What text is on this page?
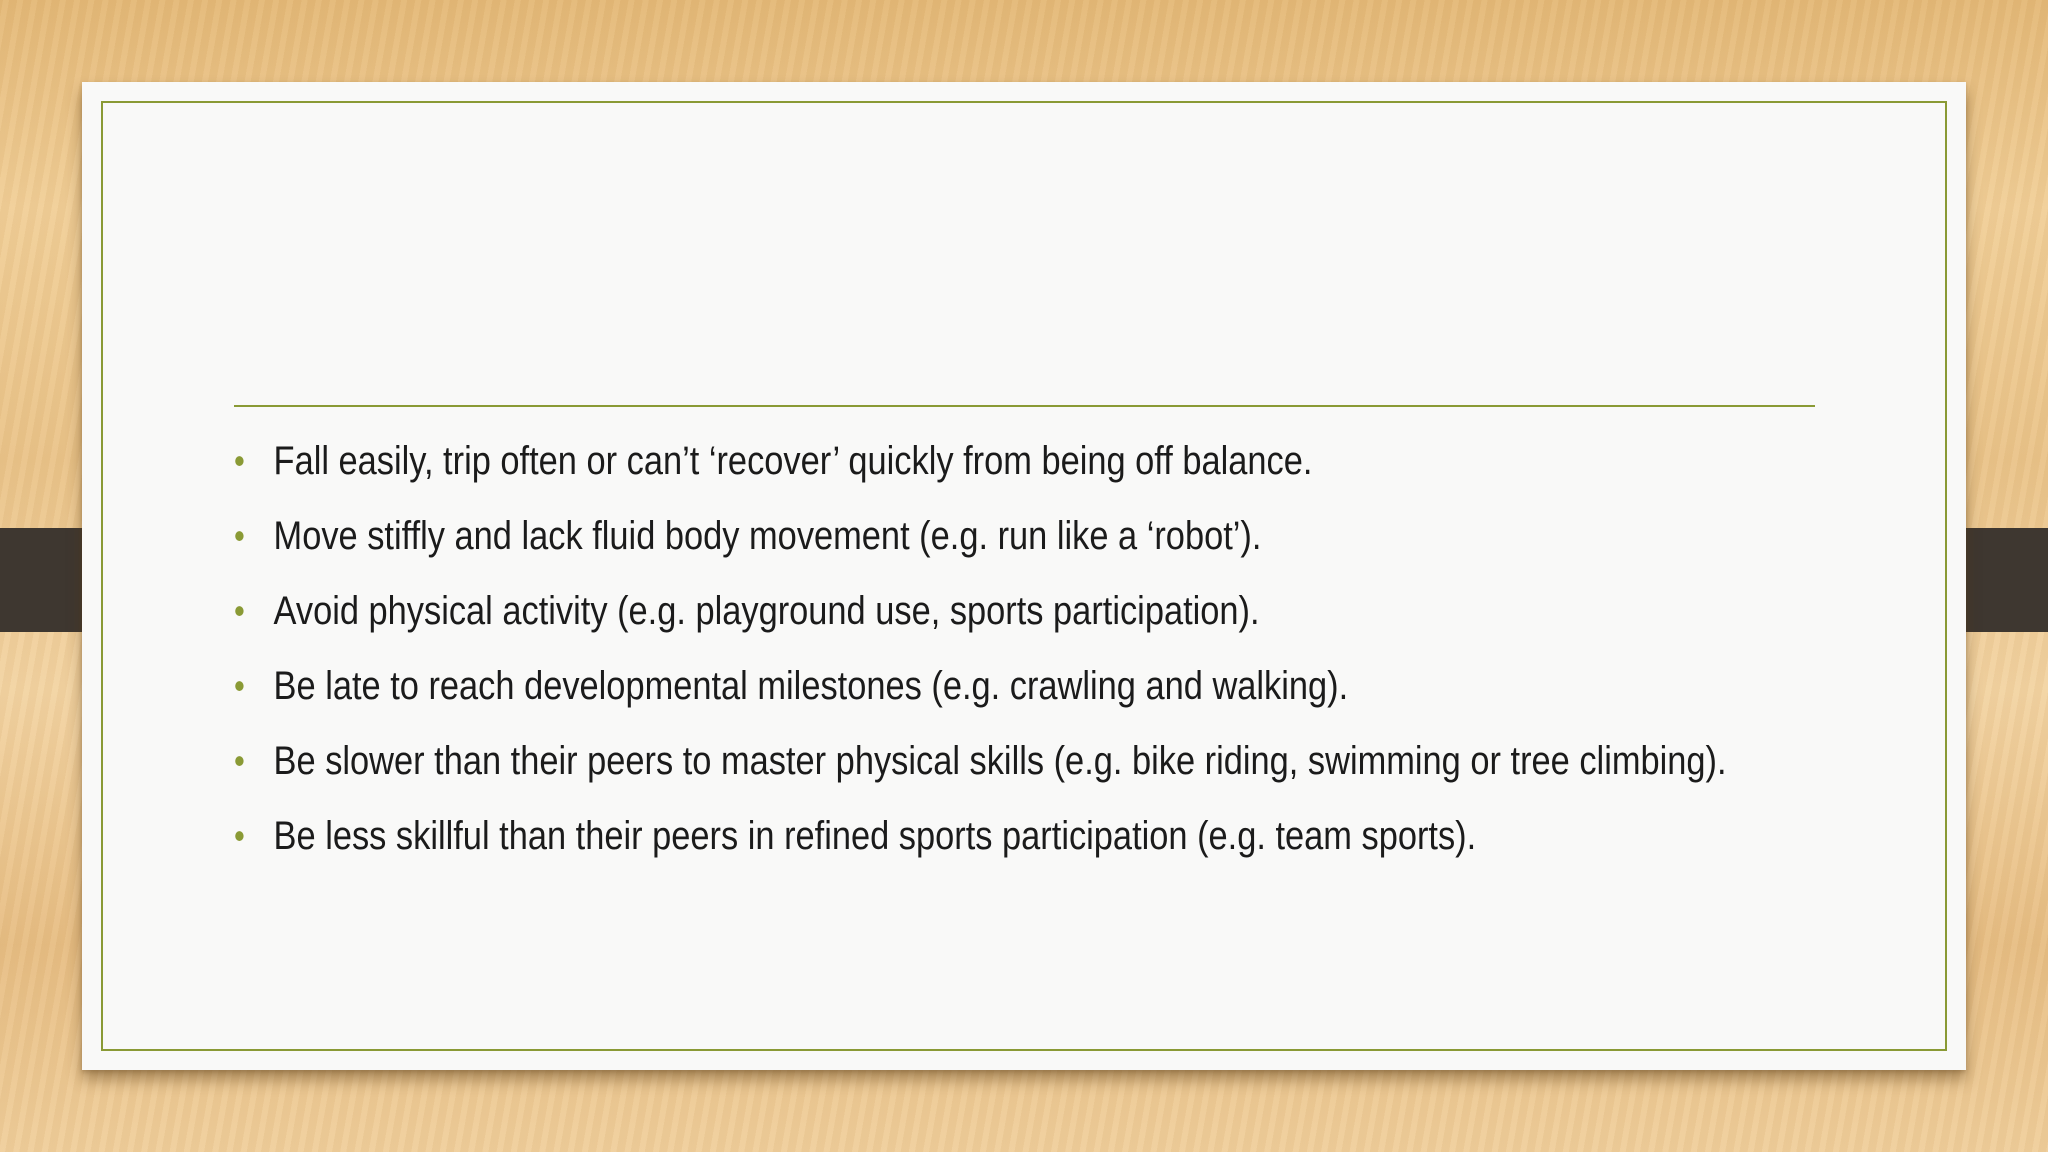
• Fall easily, trip often or can’t ‘recover’ quickly from being off balance.
• Move stiffly and lack fluid body movement (e.g. run like a ‘robot’).
• Avoid physical activity (e.g. playground use, sports participation).
• Be late to reach developmental milestones (e.g. crawling and walking).
• Be slower than their peers to master physical skills (e.g. bike riding, swimming or tree climbing).
• Be less skillful than their peers in refined sports participation (e.g. team sports).
